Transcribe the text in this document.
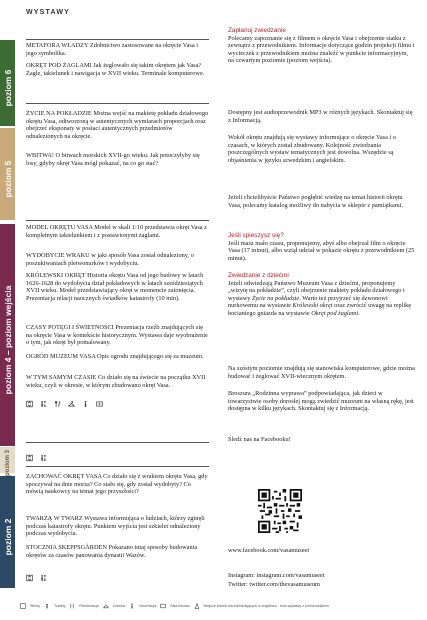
WYSTAWY
poziom 6
poziom 5
poziom 4 – poziom wejścia
poziom 3
poziom 2
METAFORA WŁADZY Zdobnictwo zastosowane na okręcie Vasa i jego symbolika.
OKRĘT POD ŻAGLAMI Jak żeglowało się takim okrętem jak Vasa? Żagle, takielunek i nawigacja w XVII wieku. Terminale komputerowe.
ŻYCIE NA POKŁADZIE Można wejść na makietę pokładu działowego okrętu Vasa, odtworzoną w autentycznych wymiarach proporcjach oraz obejrzeć eksponaty w postaci autentycznych przedmiotów odnalezionych na okręcie.
WBITWA! O bitwach morskich XVII-go wieku. Jak potoczyłyby się losy, gdyby okręt Vasa mógł pokazać, na co go stać?
MODEL OKRĘTU VASA Model w skali 1:10 przedstawia okręt Vasa z kompletnym takielunkiem i z postawionymi żaglami.
WYDOBYCIE WRAKU w jaki sposób Vasa został odnaleziony, o poszukiwaniach pletwonurków i wydobyciu.
KRÓLEWSKI OKRĘT Historia okrętu Vasa od jego budowy w latach 1626-1628 do wydobycia dział pokładowych w latach sześdziesiątych XVII wieku. Model przedstawiający okręt w momencie zatonięcia. Prezentacja relacji naocznych świadków katastrofy (10 min).
CZASY POTĘGI I ŚWIETNOŚCI Prezentacja rzeźb znajdujących się na okręcie Vasa w kontekście historycznym. Wystawa daje wyobrażenie o tym, jak okręt był pomalowany.
OGRÓD MUZEUM VASA Opis ogrodu znajdującego się za muzeum.
W TYM SAMYM CZASIE Co działo się na świecie na początku XVII wieku, czyli w okresie, w którym zbudowano okręt Vasa.
ZACHOWAĆ OKRĘT VASA Co działo się z wrakiem okrętu Vasa, gdy spoczywał na dnie morza? Co stało się, gdy został wydobyty? Co mówią naukowcy na temat jego przyszłości?
TWARZĄ W TWARZ Wystawa informująca o ludziach, którzy zginęli podczas katastrofy okrętu. Punktem wyjścia jest szkielet odnaleziony podczas wydobycia.
STOCZNIA SKEPPSGÅRDEN Pokazano tutaj sposoby budowania okrętów za czasów panowania dynastii Wazów.
Zapłanuj zwiedzanie
Polecamy zapoznanie się z filmem o okręcie Vasa i obejrzenie statku z zewnątrz z przewodnikiem. Informacje dotyczące godzin projekcji filmu i wycieczek z przewodnikiem można znaleźć w punkcie informacyjnym, na czwartym poziomie (poziom wejścia).
Dostępny jest audioprzewodnik MP3 w różnych językach. Skontaktuj się z Informacją.
Wokół okrętu znajdują się wystawy informujące o okręcie Vasa i o czasach, w których został zbudowany. Kolejność zwiedzania poszczególnych wystaw tematycznych jest dowolna. Wszędzie są objaśnienia w języku szwedzkim i angielskim.
Jeżeli chcielibyście Państwo pogłębić wiedzę na temat historii okrętu Vasa, polecamy katalog możliwy do nabycia w sklepie z pamiątkami.
Jeśli spieszysz się?
Jeśli masz mało czasu, proponujemy, abyś albo obejrzał film o okręcie Vasa (17 minut), albo wziął udział w pokazie okrętu z przewodnikiem (25 minut).
Zwiedzanie z dziećmi
Jeżeli odwiedzają Państwo Muzeum Vasa z dziećmi, proponujemy „wizytę na pokładzie”, czyli obejrzenie makiety pokładu działowego i wystawy Życie na pokładzie. Warto też przyjrzeć się dzwonowi nurkowemu na wystawie Królewski okręt oraz zwrócić uwagę na replikę bocianiego gniazda na wystawie Okręt pod żaglami.
Na szóstym poziomie znajdują się stanowiska komputerowe, gdzie można budować i żeglować XVII-wiecznym okrętem.
Broszura „Rodzinna wyprawa” podpowiadająca, jak dzieci w towarzystwie osoby dorosłej mogą zwiedzić muzeum na własną rękę, jest dostępna w kilku językach. Skontaktuj się z Informacją.
Śledź nas na Facebooku!
www.facebook.com/vasamuseet
Instagram: instagram.com/vasamuseet
Twitter: twitter.com/thevasamuseum
Windy	Toalety	Restauracja	Zostrów	Informacja	Sala kinowa	Miejsce zbiórki dla zwiedzających w angielsku - koło wystawy z przewodnikiem
